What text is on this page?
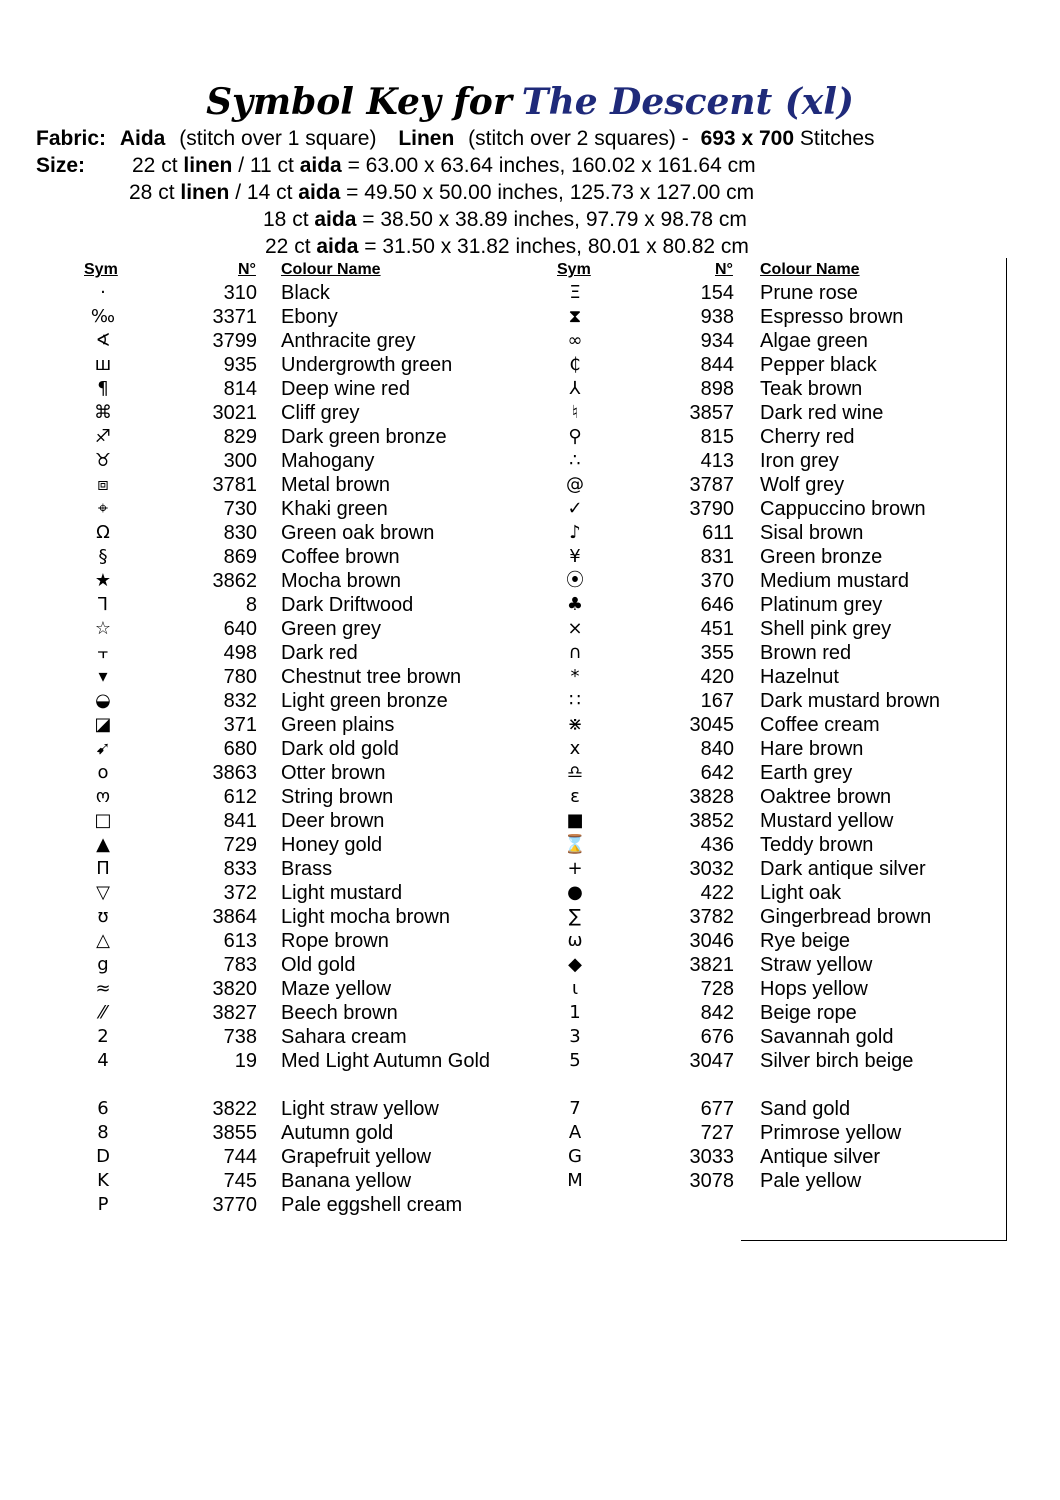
Symbol Key for The Descent (xl)
Fabric: Aida (stitch over 1 square) Linen (stitch over 2 squares) - 693 x 700 Stitches
Size: 22 ct linen / 11 ct aida = 63.00 x 63.64 inches, 160.02 x 161.64 cm
28 ct linen / 14 ct aida = 49.50 x 50.00 inches, 125.73 x 127.00 cm
18 ct aida = 38.50 x 38.89 inches, 97.79 x 98.78 cm
22 ct aida = 31.50 x 31.82 inches, 80.01 x 80.82 cm
Sym	N° Colour Name	Sym	N° Colour Name
·	310 Black
‰	3371 Ebony
∢	3799 Anthracite grey
ш	935 Undergrowth green
¶	814 Deep wine red
⌘	3021 Cliff grey
♐	829 Dark green bronze
♉	300 Mahogany
⧈	3781 Metal brown
⌖	730 Khaki green
Ω	830 Green oak brown
§	869 Coffee brown
★	3862 Mocha brown
⅂	8 Dark Driftwood
☆	640 Green grey
⫟	498 Dark red
▾	780 Chestnut tree brown
◒	832 Light green bronze
◪	371 Green plains
➹	680 Dark old gold
o	3863 Otter brown
ო	612 String brown
□	841 Deer brown
▲	729 Honey gold
Π	833 Brass
▽	372 Light mustard
ʊ	3864 Light mocha brown
△	613 Rope brown
g	783 Old gold
≈	3820 Maze yellow
⁄⁄	3827 Beech brown
2	738 Sahara cream
4	19	Med Light Autumn Gold
6	3822 Light straw yellow
8	3855 Autumn gold
D	744 Grapefruit yellow
K	745 Banana yellow
P	3770 Pale eggshell cream
Ξ	154 Prune rose
⧗	938 Espresso brown
∞	934 Algae green
₵	844 Pepper black
⅄	898 Teak brown
♮	3857 Dark red wine
⚲	815 Cherry red
∴	413 Iron grey
@	3787 Wolf grey
✓	3790 Cappuccino brown
♪	611 Sisal brown
¥	831 Green bronze
⦿	370 Medium mustard
♣	646 Platinum grey
⨯	451 Shell pink grey
∩	355 Brown red
*	420 Hazelnut
∷	167 Dark mustard brown
⋇	3045 Coffee cream
x	840 Hare brown
♎	642 Earth grey
ε	3828 Oaktree brown
■	3852 Mustard yellow
⌛	436 Teddy brown
+	3032 Dark antique silver
●	422 Light oak
∑	3782 Gingerbread brown
ω	3046 Rye beige
◆	3821 Straw yellow
ɩ	728 Hops yellow
1	842 Beige rope
3	676 Savannah gold
5	3047	Silver birch beige
7	677 Sand gold
A	727 Primrose yellow
G	3033 Antique silver
M	3078 Pale yellow
